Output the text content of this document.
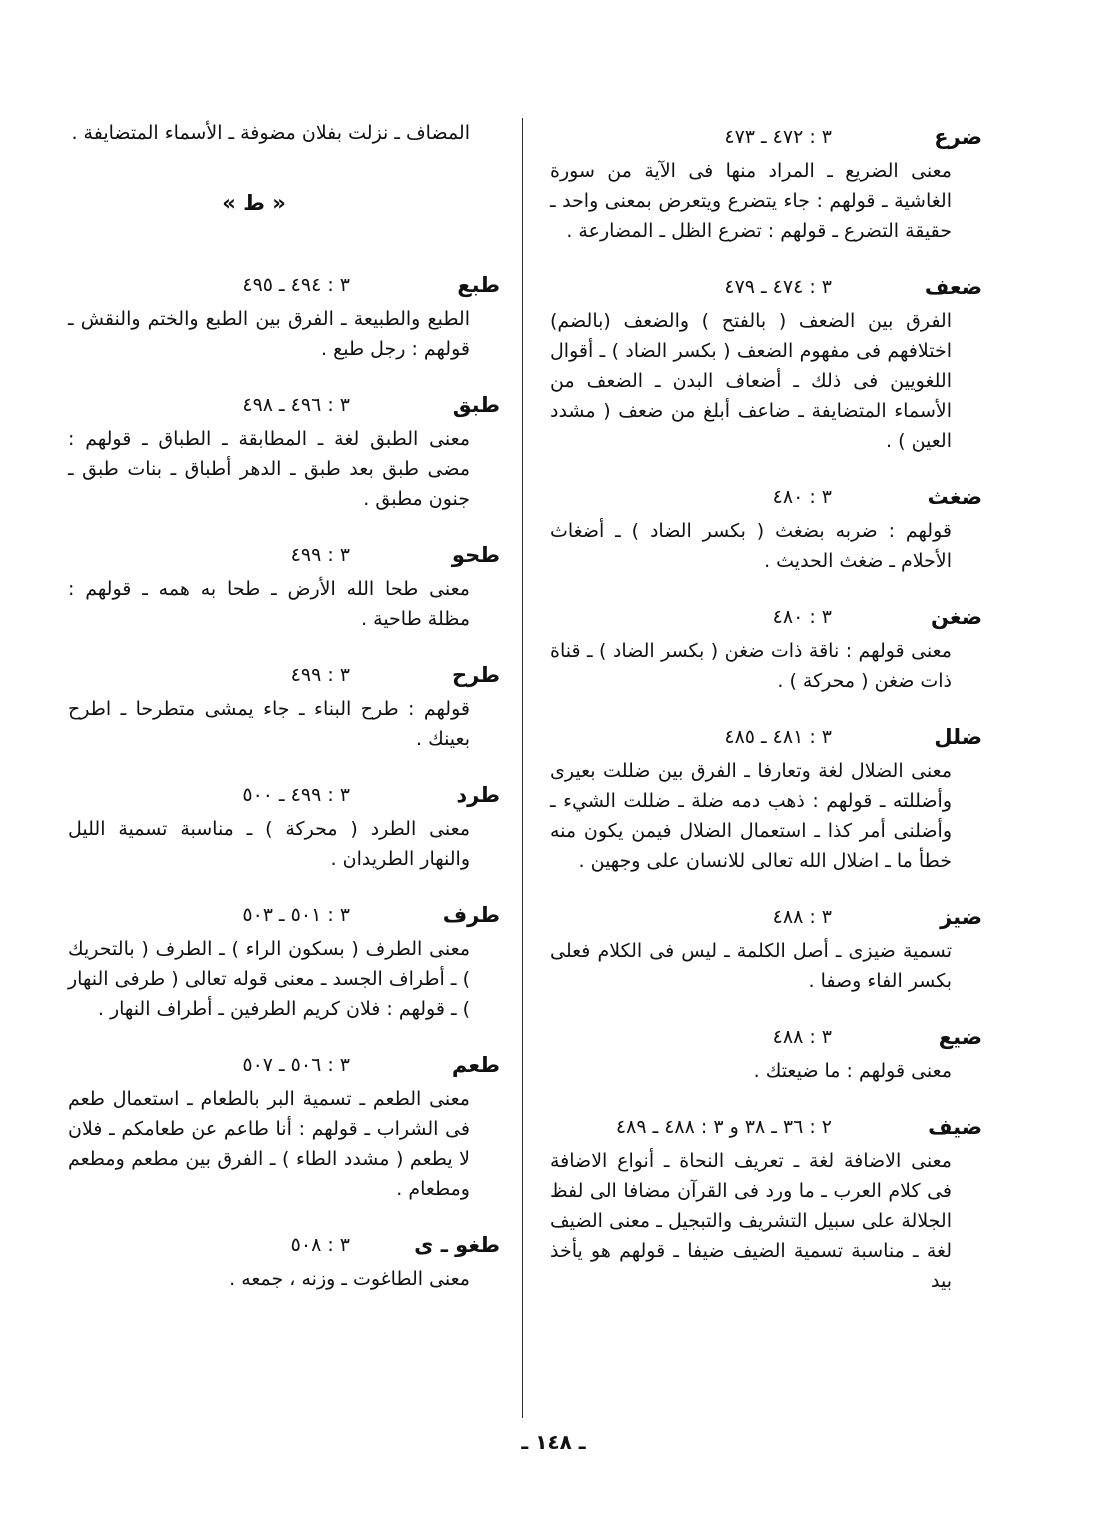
ضرع
٣ : ٤٧٢ ـ ٤٧٣
معنى الضريع ـ المراد منها فى الآية من سورة الغاشية ـ قولهم : جاء يتضرع ويتعرض بمعنى واحد ـ حقيقة التضرع ـ قولهم : تضرع الظل ـ المضارعة .
ضعف
٣ : ٤٧٤ ـ ٤٧٩
الفرق بين الضعف ( بالفتح ) والضعف (بالضم) اختلافهم فى مفهوم الضعف ( بكسر الضاد ) ـ أقوال اللغويين فى ذلك ـ أضعاف البدن ـ الضعف من الأسماء المتضايفة ـ ضاعف أبلغ من ضعف ( مشدد العين ) .
ضغث
٣ : ٤٨٠
قولهم : ضربه بضغث ( بكسر الضاد ) ـ أضغاث الأحلام ـ ضغث الحديث .
ضغن
٣ : ٤٨٠
معنى قولهم : ناقة ذات ضغن ( بكسر الضاد ) ـ قناة ذات ضغن ( محركة ) .
ضلل
٣ : ٤٨١ ـ ٤٨٥
معنى الضلال لغة وتعارفا ـ الفرق بين ضللت بعيرى وأضللته ـ قولهم : ذهب دمه ضلة ـ ضللت الشيء ـ وأضلنى أمر كذا ـ استعمال الضلال فيمن يكون منه خطأ ما ـ اضلال الله تعالى للانسان على وجهين .
ضيز
٣ : ٤٨٨
تسمية ضيزى ـ أصل الكلمة ـ ليس فى الكلام فعلى بكسر الفاء وصفا .
ضيع
٣ : ٤٨٨
معنى قولهم : ما ضيعتك .
ضيف
٢ : ٣٦ ـ ٣٨ و ٣ : ٤٨٨ ـ ٤٨٩
معنى الاضافة لغة ـ تعريف النحاة ـ أنواع الاضافة فى كلام العرب ـ ما ورد فى القرآن مضافا الى لفظ الجلالة على سبيل التشريف والتبجيل ـ معنى الضيف لغة ـ مناسبة تسمية الضيف ضيفا ـ قولهم هو يأخذ بيد
المضاف ـ نزلت بفلان مضوفة ـ الأسماء المتضايفة .
« ط »
طبع
٣ : ٤٩٤ ـ ٤٩٥
الطبع والطبيعة ـ الفرق بين الطبع والختم والنقش ـ قولهم : رجل طبع .
طبق
٣ : ٤٩٦ ـ ٤٩٨
معنى الطبق لغة ـ المطابقة ـ الطباق ـ قولهم : مضى طبق بعد طبق ـ الدهر أطباق ـ بنات طبق ـ جنون مطبق .
طحو
٣ : ٤٩٩
معنى طحا الله الأرض ـ طحا به همه ـ قولهم : مظلة طاحية .
طرح
٣ : ٤٩٩
قولهم : طرح البناء ـ جاء يمشى متطرحا ـ اطرح بعينك .
طرد
٣ : ٤٩٩ ـ ٥٠٠
معنى الطرد ( محركة ) ـ مناسبة تسمية الليل والنهار الطريدان .
طرف
٣ : ٥٠١ ـ ٥٠٣
معنى الطرف ( بسكون الراء ) ـ الطرف ( بالتحريك ) ـ أطراف الجسد ـ معنى قوله تعالى ( طرفى النهار ) ـ قولهم : فلان كريم الطرفين ـ أطراف النهار .
طعم
٣ : ٥٠٦ ـ ٥٠٧
معنى الطعم ـ تسمية البر بالطعام ـ استعمال طعم فى الشراب ـ قولهم : أنا طاعم عن طعامكم ـ فلان لا يطعم ( مشدد الطاء ) ـ الفرق بين مطعم ومطعم ومطعام .
طغو ـ ى
٣ : ٥٠٨
معنى الطاغوت ـ وزنه ، جمعه .
ـ ١٤٨ ـ
